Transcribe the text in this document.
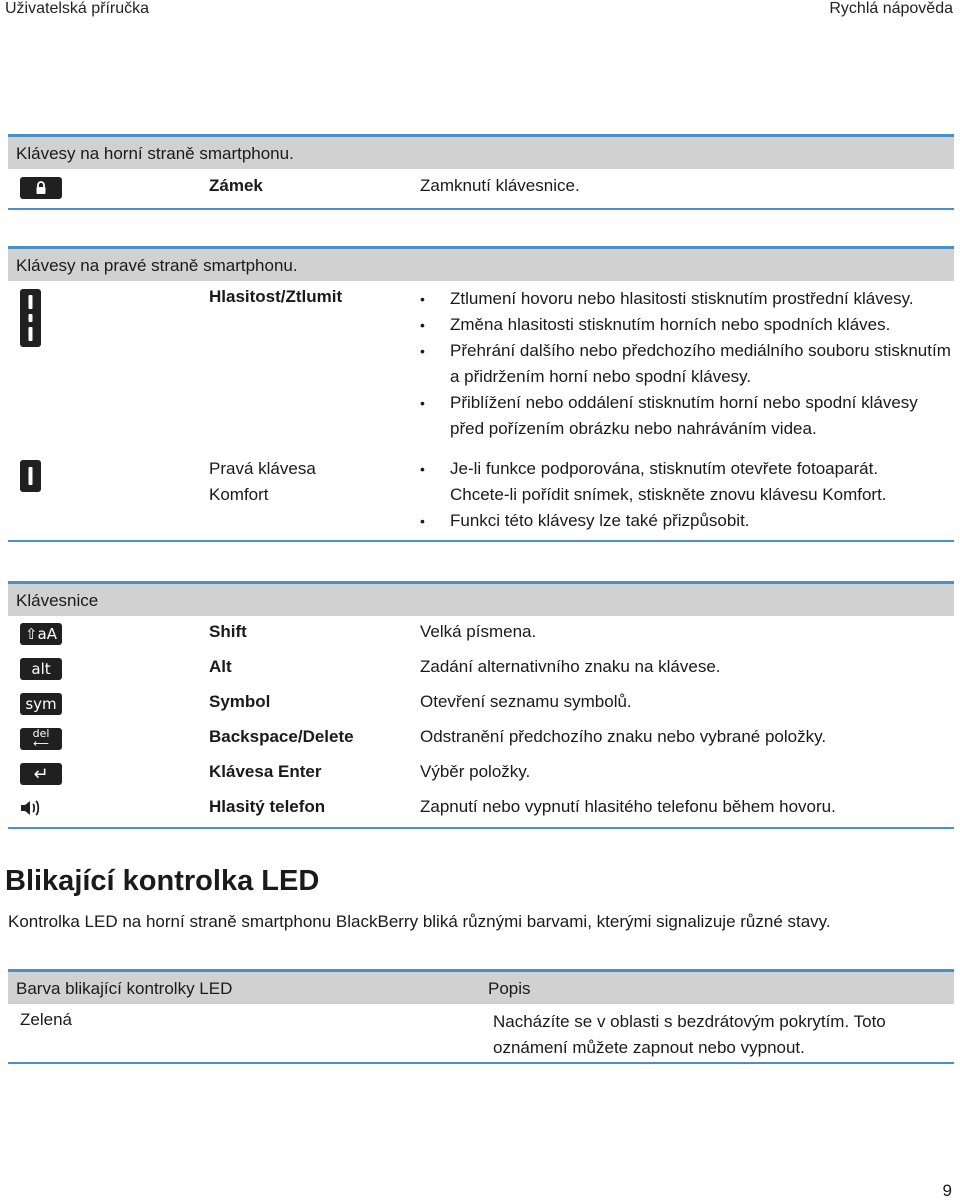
Uživatelská příručka	Rychlá nápověda
Klávesy na horní straně smartphonu.
Zámek	Zamknutí klávesnice.
Klávesy na pravé straně smartphonu.
Hlasitost/Ztlumit
•	Ztlumení hovoru nebo hlasitosti stisknutím prostřední klávesy.
• Změna hlasitosti stisknutím horních nebo spodních kláves.
• Přehrání dalšího nebo předchozího mediálního souboru stisknutím a přidržením horní nebo spodní klávesy.
• Přiblížení nebo oddálení stisknutím horní nebo spodní klávesy před pořízením obrázku nebo nahráváním videa.
Pravá klávesa Komfort
• Je-li funkce podporována, stisknutím otevřete fotoaparát. Chcete-li pořídit snímek, stiskněte znovu klávesu Komfort.
• Funkci této klávesy lze také přizpůsobit.
Klávesnice
⇧aA	Shift	Velká písmena.
alt	Alt	Zadání alternativního znaku na klávese.
sym	Symbol	Otevření seznamu symbolů.
del
⟵	Backspace/Delete	Odstranění předchozího znaku nebo vybrané položky.
↵	Klávesa Enter	Výběr položky.
Hlasitý telefon	Zapnutí nebo vypnutí hlasitého telefonu během hovoru.
Blikající kontrolka LED
Kontrolka LED na horní straně smartphonu BlackBerry bliká různými barvami, kterými signalizuje různé stavy.
Barva blikající kontrolky LED	Popis
Zelená	Nacházíte se v oblasti s bezdrátovým pokrytím. Toto oznámení můžete zapnout nebo vypnout.
9
